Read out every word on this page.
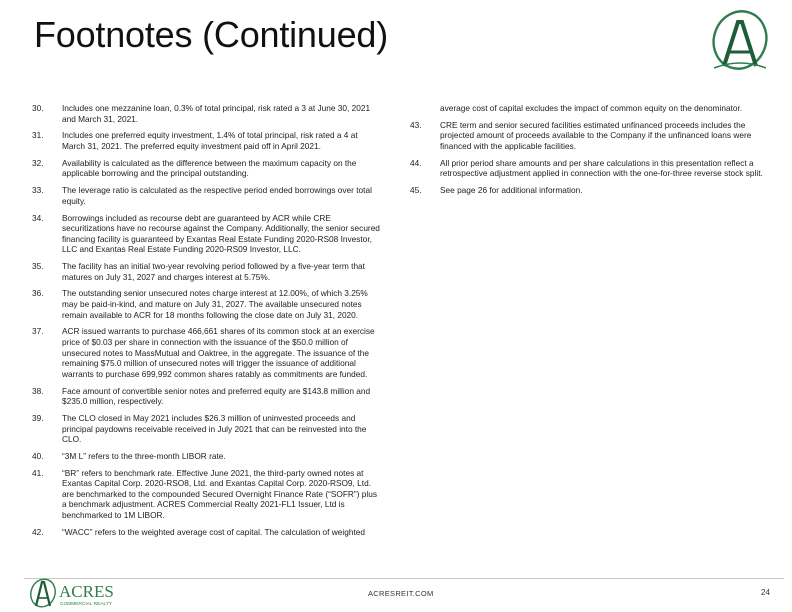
Footnotes (Continued)
30.	Includes one mezzanine loan, 0.3% of total principal, risk rated a 3 at June 30, 2021 and March 31, 2021.
31.	Includes one preferred equity investment, 1.4% of total principal, risk rated a 4 at March 31, 2021. The preferred equity investment paid off in April 2021.
32.	Availability is calculated as the difference between the maximum capacity on the applicable borrowing and the principal outstanding.
33.	The leverage ratio is calculated as the respective period ended borrowings over total equity.
34.	Borrowings included as recourse debt are guaranteed by ACR while CRE securitizations have no recourse against the Company. Additionally, the senior secured financing facility is guaranteed by Exantas Real Estate Funding 2020-RS08 Investor, LLC and Exantas Real Estate Funding 2020-RS09 Investor, LLC.
35.	The facility has an initial two-year revolving period followed by a five-year term that matures on July 31, 2027 and charges interest at 5.75%.
36.	The outstanding senior unsecured notes charge interest at 12.00%, of which 3.25% may be paid-in-kind, and mature on July 31, 2027. The available unsecured notes remain available to ACR for 18 months following the close date on July 31, 2020.
37.	ACR issued warrants to purchase 466,661 shares of its common stock at an exercise price of $0.03 per share in connection with the issuance of the $50.0 million of unsecured notes to MassMutual and Oaktree, in the aggregate. The issuance of the remaining $75.0 million of unsecured notes will trigger the issuance of additional warrants to purchase 699,992 common shares ratably as commitments are funded.
38.	Face amount of convertible senior notes and preferred equity are $143.8 million and $235.0 million, respectively.
39.	The CLO closed in May 2021 includes $26.3 million of uninvested proceeds and principal paydowns receivable received in July 2021 that can be reinvested into the CLO.
40.	“3M L” refers to the three-month LIBOR rate.
41.	“BR” refers to benchmark rate. Effective June 2021, the third-party owned notes at Exantas Capital Corp. 2020-RSO8, Ltd. and Exantas Capital Corp. 2020-RSO9, Ltd. are benchmarked to the compounded Secured Overnight Finance Rate (“SOFR”) plus a benchmark adjustment. ACRES Commercial Realty 2021-FL1 Issuer, Ltd is benchmarked to 1M LIBOR.
42.	“WACC” refers to the weighted average cost of capital. The calculation of weighted
average cost of capital excludes the impact of common equity on the denominator.
43.	CRE term and senior secured facilities estimated unfinanced proceeds includes the projected amount of proceeds available to the Company if the unfinanced loans were financed with the applicable facilities.
44.	All prior period share amounts and per share calculations in this presentation reflect a retrospective adjustment applied in connection with the one-for-three reverse stock split.
45.	See page 26 for additional information.
ACRES
COMMERCIAL REALTY
ACRESREIT.COM	24
